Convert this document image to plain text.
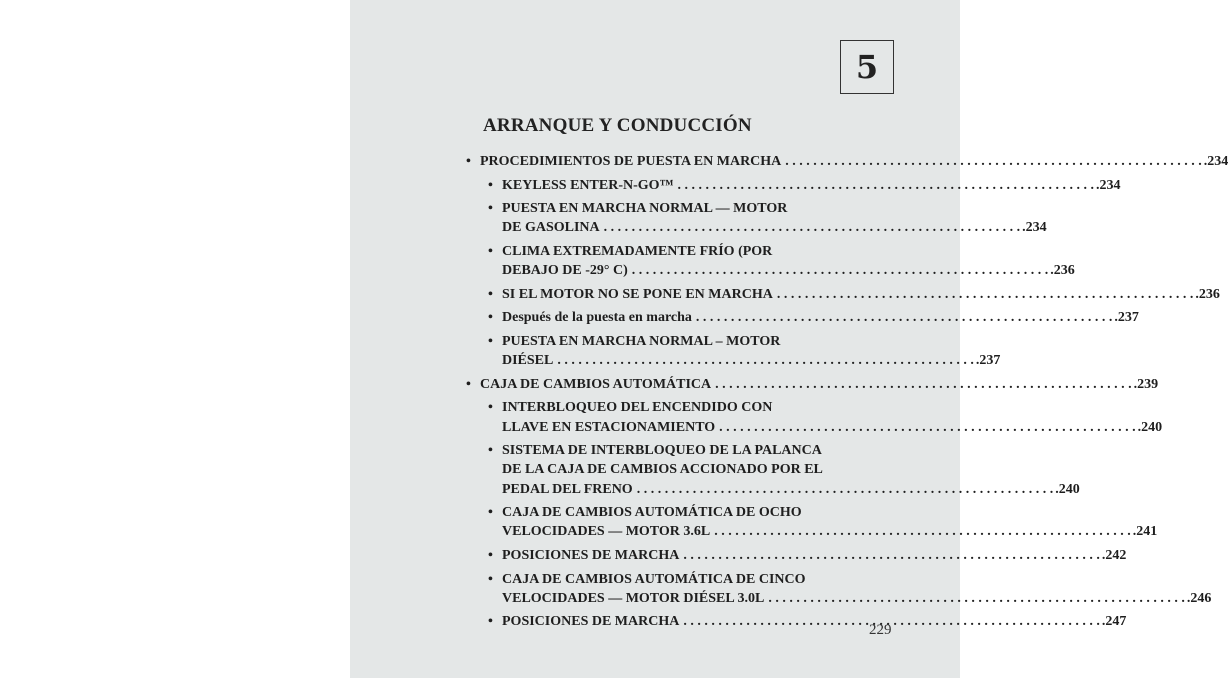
5
ARRANQUE Y CONDUCCIÓN
• PROCEDIMIENTOS DE PUESTA EN MARCHA . . .	.234
• KEYLESS ENTER-N-GO™ . . .	.234
• PUESTA EN MARCHA NORMAL — MOTOR
DE GASOLINA . . .	.234
• CLIMA EXTREMADAMENTE FRÍO (POR
DEBAJO DE -29° C) . . .	.236
• SI EL MOTOR NO SE PONE EN MARCHA . . .	.236
• Después de la puesta en marcha . . .	.237
• PUESTA EN MARCHA NORMAL – MOTOR
DIÉSEL . . .	.237
• CAJA DE CAMBIOS AUTOMÁTICA . . .	.239
• INTERBLOQUEO DEL ENCENDIDO CON
LLAVE EN ESTACIONAMIENTO . . .	.240
• SISTEMA DE INTERBLOQUEO DE LA PALANCA
DE LA CAJA DE CAMBIOS ACCIONADO POR EL
PEDAL DEL FRENO . . .	.240
• CAJA DE CAMBIOS AUTOMÁTICA DE OCHO
VELOCIDADES — MOTOR 3.6L . . .	.241
• POSICIONES DE MARCHA . . .	.242
• CAJA DE CAMBIOS AUTOMÁTICA DE CINCO
VELOCIDADES — MOTOR DIÉSEL 3.0L . . .	.246
• POSICIONES DE MARCHA . . .	.247
229
